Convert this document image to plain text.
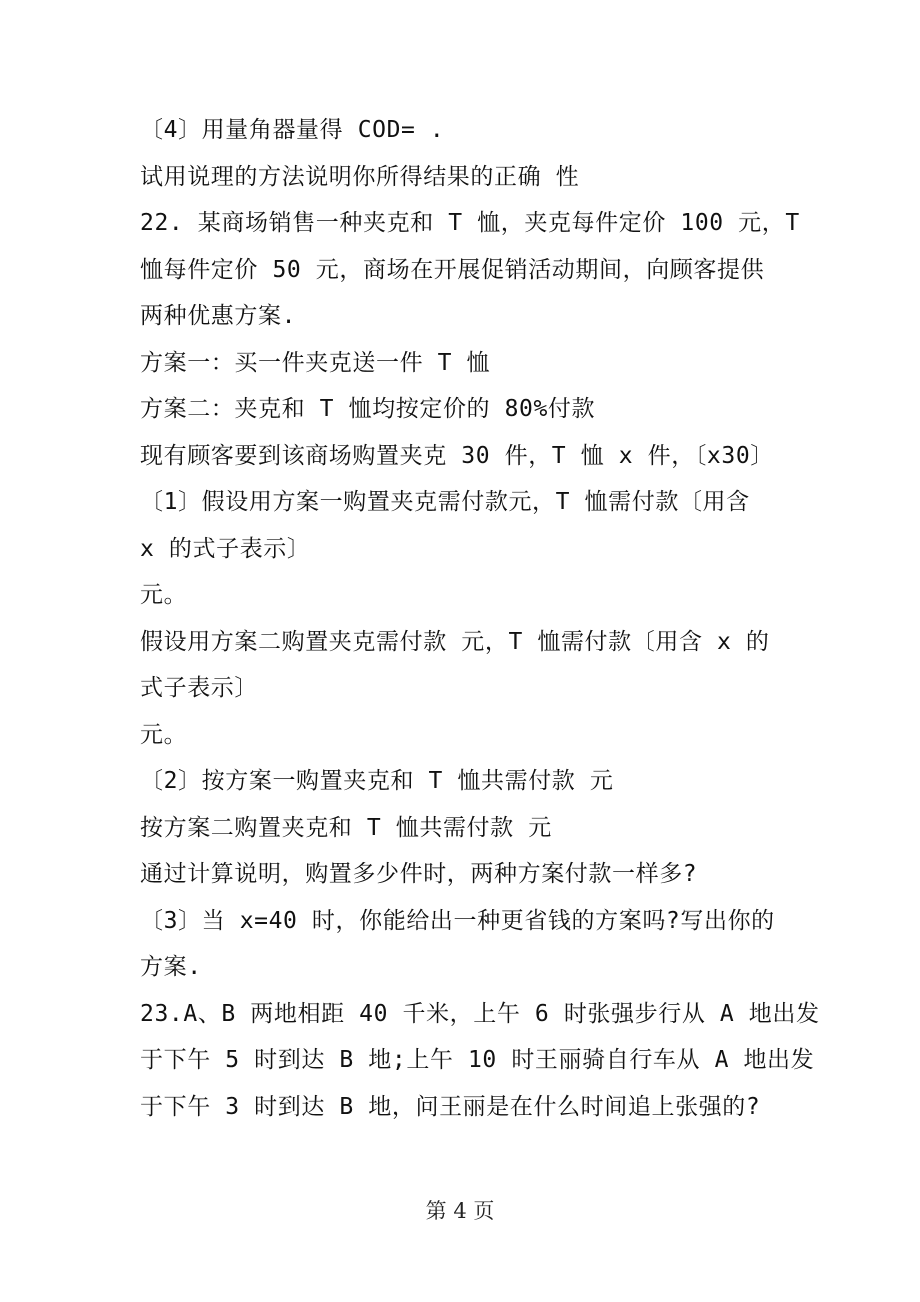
〔4〕用量角器量得 COD= .
试用说理的方法说明你所得结果的正确 性
22. 某商场销售一种夹克和 T 恤，夹克每件定价 100 元，T
恤每件定价 50 元，商场在开展促销活动期间，向顾客提供
两种优惠方案.
方案一：买一件夹克送一件 T 恤
方案二：夹克和 T 恤均按定价的 80%付款
现有顾客要到该商场购置夹克 30 件，T 恤 x 件，〔x30〕
〔1〕假设用方案一购置夹克需付款元，T 恤需付款〔用含
x 的式子表示〕
元。
假设用方案二购置夹克需付款 元，T 恤需付款〔用含 x 的
式子表示〕
元。
〔2〕按方案一购置夹克和 T 恤共需付款 元
按方案二购置夹克和 T 恤共需付款 元
通过计算说明，购置多少件时，两种方案付款一样多?
〔3〕当 x=40 时，你能给出一种更省钱的方案吗?写出你的
方案.
23.A、B 两地相距 40 千米，上午 6 时张强步行从 A 地出发
于下午 5 时到达 B 地;上午 10 时王丽骑自行车从 A 地出发
于下午 3 时到达 B 地，问王丽是在什么时间追上张强的?
第 4 页
